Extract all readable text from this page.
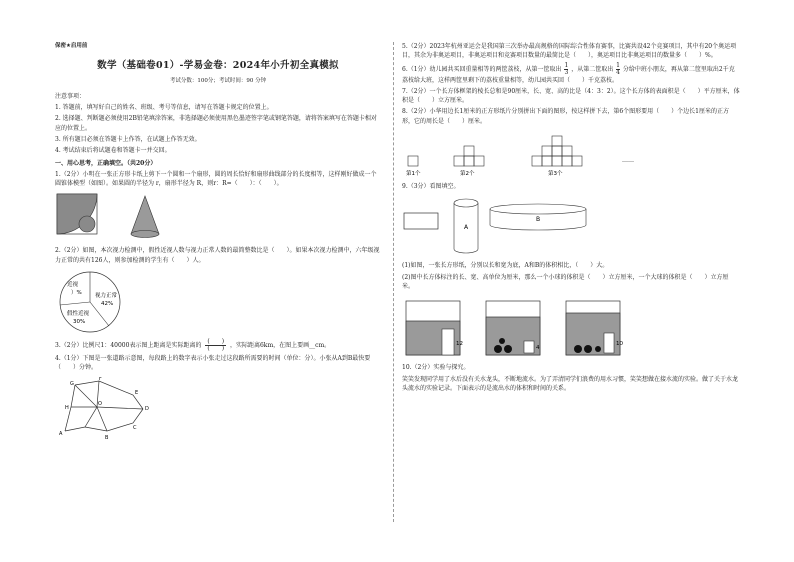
保密★启用前
数学（基础卷01）-学易金卷：2024年小升初全真模拟
考试分数：100分；考试时间：90 分钟
注意事项：
1. 答题前，填写好自己的姓名、班级、考号等信息，请写在答题卡规定的位置上。
2. 选择题、判断题必须使用2B铅笔填涂答案，非选择题必须使用黑色墨迹签字笔或钢笔答题，请将答案填写在答题卡相对应的位置上。
3. 所有题目必须在答题卡上作答，在试题上作答无效。
4. 考试结束后将试题卷和答题卡一并交回。
一、用心思考，正确填空。（共20分）
1.（2分）小明在一张正方形卡纸上剪下一个圆和一个扇形，圆的周长恰好和扇形曲线部分的长度相等，这样刚好做成一个圆锥体模型（如图）。如果圆的半径为 r，扇形半径为 R，则r：R=（　　）：（　　）。
2.（2分）如图，本次视力检测中，假性近视人数与视力正常人数的最简整数比是（　　）。如果本次视力检测中，六年级视力正常的共有126人，则参加检测的学生有（　　）人。
近视
）% 视力正常
42%
假性近视
30%
3.（2分）比例尺1：40000表示图上距离是实际距离的
(　　)
(　　) ，实际距离6km，在图上要画__cm。
4.（1分）下图是一张道路示意图，每段路上的数字表示小张走过这段路所需要的时间（单位：分）。小张从A到B最快要（　　）分钟。
G
F
E
D
C
B
A
O
H
5.（2分）2023年杭州亚运会是我国第三次举办最高规格的国际综合性体育赛事，比赛共设42个竞赛项目，其中有20个奥运项目，其余为非奥运项目，非奥运项目和竞赛项目数量的最简比是（　　），奥运项目比非奥运项目的数量多（　　）%。
6.（1分）幼儿园共买回重量相等的两筐荔枝，从第一筐取出 $\frac{1}{3}$ ，从第二筐取出 $\frac{1}{4}$ 分给中班小朋友，再从第二筐里取出2千克荔枝给大班，这样两筐里剩下的荔枝重量相等，幼儿园共买回（　　）千克荔枝。
7.（2分）一个长方体框架的棱长总和是90厘米，长、宽、高的比是（4：3：2）。这个长方体的表面积是（　　）平方厘米，体积是（　　）立方厘米。
8.（2分）小华用边长1厘米的正方形纸片分别拼出下面的图形，按这样拼下去，第6个图形要用（　　）个边长1厘米的正方形，它的周长是（　　）厘米。
第1个	第2个	第3个
……
9.（3分）看图填空。
A
B
(1)如图，一张长方形纸，分别以长和宽为底，A和B的体积相比，（　　）大。
(2)图中长方体标注的长、宽、高单位为厘米，那么一个小球的体积是（　　）立方厘米，一个大球的体积是（　　）立方厘米。
12
4
10
10.（2分）实验与探究。
笑笑发现同学用了水后没有关水龙头，不断地流水。为了弄清同学们浪费的用水习惯，笑笑想做在接水流的实验。做了关于水龙头流水的实验记录。下面表示的是流出水的体积和时间的关系。
